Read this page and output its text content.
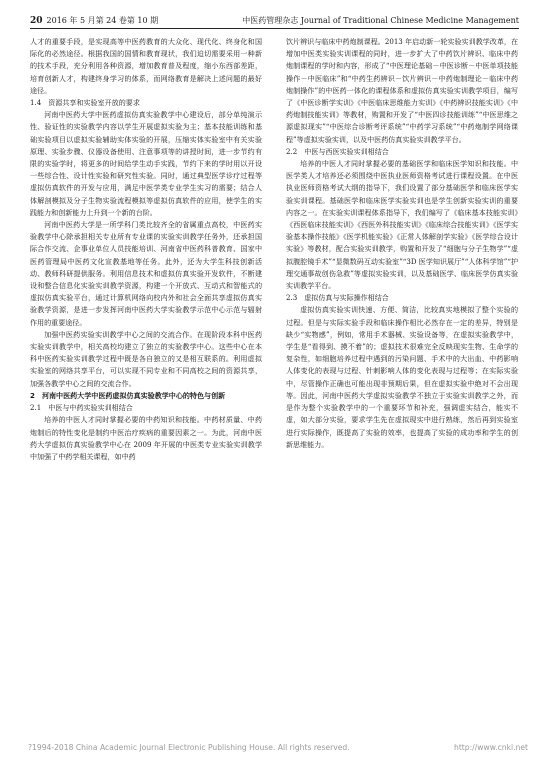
20 2016 年 5 月第 24 卷第 10 期	中医药管理杂志 Journal of Traditional Chinese Medicine Management

人才的重要手段，是实现高等中医药教育的大众化、现代化、终身化和国际化的必然途径。根据我国的国情和教育现状，我们迫切需要采用一种新的技术手段，充分利用各种资源，增加教育普及程度，缩小东西部差距，培育创新人才，构建终身学习的体系，而网络教育是解决上述问题的最好途径。

1.4　资源共享和实验室开放的要求

河南中医药大学中医药虚拟仿真实验教学中心建设后，部分单纯演示性、验证性的实验教学内容以学生开展虚拟实验为主；基本技能训练和基础实验项目以虚拟实验辅助实体实验的开展，压缩实体实验室中有关实验原理、实验步骤、仪器设备使用、注意事项等的讲授时间，进一步节约有限的实验学时，将更多的时间给学生动手实践，节约下来的学时用以开设一些综合性、设计性实验和研究性实验。同时，通过典型医学诊疗过程等虚拟仿真软件的开发与应用，满足中医学类专业学生实习的需要；结合人体解剖模拟及分子生物实验流程模拟等虚拟仿真软件的应用，使学生的实践能力和创新能力上升到一个新的台阶。

河南中医药大学是一所学科门类比较齐全的省属重点高校，中医药实验教学中心除承担相关专业所有专业课的实验实训教学任务外，还承担国际合作交流、企事业单位人员技能培训、河南省中医药科普教育、国家中医药管理局中医药文化宣教基地等任务。此外，还为大学生科技创新活动、教师科研提供服务。利用信息技术和虚拟仿真实验开发软件，不断建设和整合信息化实验实训教学资源，构建一个开放式、互动式和智能式的虚拟仿真实验平台，通过计算机网络向校内外和社会全面共享虚拟仿真实验教学资源，是进一步发挥河南中医药大学实验教学示范中心示范与辐射作用的重要途径。

加强中医药实验实训教学中心之间的交流合作。在现阶段本科中医药实验实训教学中，相关高校均建立了独立的实验教学中心。这些中心在本科中医药实验实训教学过程中既是各自独立的又是相互联系的。利用虚拟实验室的网络共享平台，可以实现不同专业和不同高校之间的资源共享，加强各教学中心之间的交流合作。

2　河南中医药大学中医药虚拟仿真实验教学中心的特色与创新

2.1　中医与中药实验实训相结合

培养的中医人才同时掌握必要的中药知识和技能。中药材质量、中药炮制后的特性变化是制约中医治疗疾病的重要因素之一。为此，河南中医药大学虚拟仿真实验教学中心在 2009 年开展的中医类专业实验实训教学中加强了中药学相关课程，如中药

饮片辨识与临床中药炮制课程。2013 年启动新一轮实验实训教学改革，在增加中医类实验实训课程的同时，进一步扩大了中药饮片辨识、临床中药炮制课程的学时和内容，形成了“中医理论基础－中医诊断－中医单项技能操作－中医临床”和“中药生药辨识－饮片辨识－中药炮制理论－临床中药炮制操作”的中医药一体化的课程体系和虚拟仿真实验实训教学项目，编写了《中医诊断学实训》《中医临床思维能力实训》《中药辨识技能实训》《中药炮制技能实训》等教材，购置和开发了“中医四诊技能训练”“中医思维之源虚拟现实”“中医综合诊断考评系统”“中药学习系统”“中药炮制学网络课程”等虚拟实验实训，以及中医药仿真实验实训教学平台。

2.2　中医与西医实验实训相结合

培养的中医人才同时掌握必要的基础医学和临床医学知识和技能。中医学类人才培养还必须围绕中医执业医师资格考试进行课程设置。在中医执业医师资格考试大纲的指导下，我们设置了部分基础医学和临床医学实验实训课程。基础医学和临床医学实验实训也是学生创新实验实训的重要内容之一。在实验实训课程体系指导下，我们编写了《临床基本技能实训》《西医临床技能实训》《西医外科技能实训》《临床综合技能实训》《医学实验基本操作技能》《医学机能实验》《正常人体解剖学实验》《医学综合设计实验》等教材，配合实验实训教学，购置和开发了“细胞与分子生物学”“虚拟腹腔镜手术”“显微数码互动实验室”“3D 医学知识展厅”“人体科学馆”“护理交通事故创伤急救”等虚拟实验实训，以及基础医学、临床医学仿真实验实训教学平台。

2.3　虚拟仿真与实际操作相结合

虚拟仿真实验实训快速、方便、简洁，比较真实地模拟了整个实验的过程。但是与实际实验手段和临床操作相比必然存在一定的差异，特别是缺少“实物感”，例如，常用手术器械、实验设备等，在虚拟实验教学中，学生是“看得到、摸不着”的；虚拟技术很难完全反映现实生物、生命学的复杂性，如细胞培养过程中遇到的污染问题、手术中的大出血、中药影响人体变化的表现与过程、针刺影响人体的变化表现与过程等；在实际实验中，尽管操作正确也可能出现非预期后果，但在虚拟实验中绝对不会出现等。因此，河南中医药大学虚拟实验教学不独立于实验实训教学之外，而是作为整个实验教学中的一个重要环节和补充，强调虚实结合，能实不虚，如大部分实验，要求学生先在虚拟现实中进行熟练，然后再到实验室进行实际操作，既提高了实验的效率，也提高了实验的成功率和学生的创新思维能力。

?1994-2018 China Academic Journal Electronic Publishing House. All rights reserved.	http://www.cnki.net
